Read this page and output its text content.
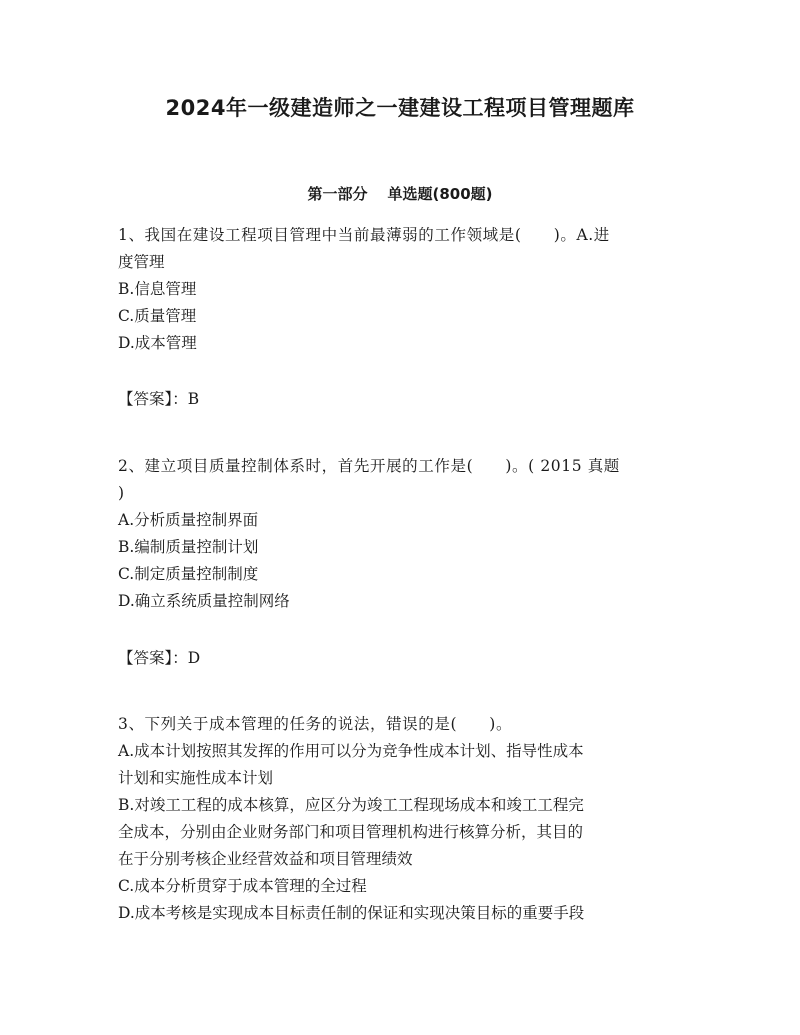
2024年一级建造师之一建建设工程项目管理题库
第一部分 单选题(800题)
1、我国在建设工程项目管理中当前最薄弱的工作领域是(　　)。A.进
度管理
B.信息管理
C.质量管理
D.成本管理
【答案】：B
2、建立项目质量控制体系时，首先开展的工作是(　　)。( 2015 真题
)
A.分析质量控制界面
B.编制质量控制计划
C.制定质量控制制度
D.确立系统质量控制网络
【答案】：D
3、下列关于成本管理的任务的说法，错误的是(　　)。
A.成本计划按照其发挥的作用可以分为竞争性成本计划、指导性成本
计划和实施性成本计划
B.对竣工工程的成本核算，应区分为竣工工程现场成本和竣工工程完
全成本，分别由企业财务部门和项目管理机构进行核算分析，其目的
在于分别考核企业经营效益和项目管理绩效
C.成本分析贯穿于成本管理的全过程
D.成本考核是实现成本目标责任制的保证和实现决策目标的重要手段
